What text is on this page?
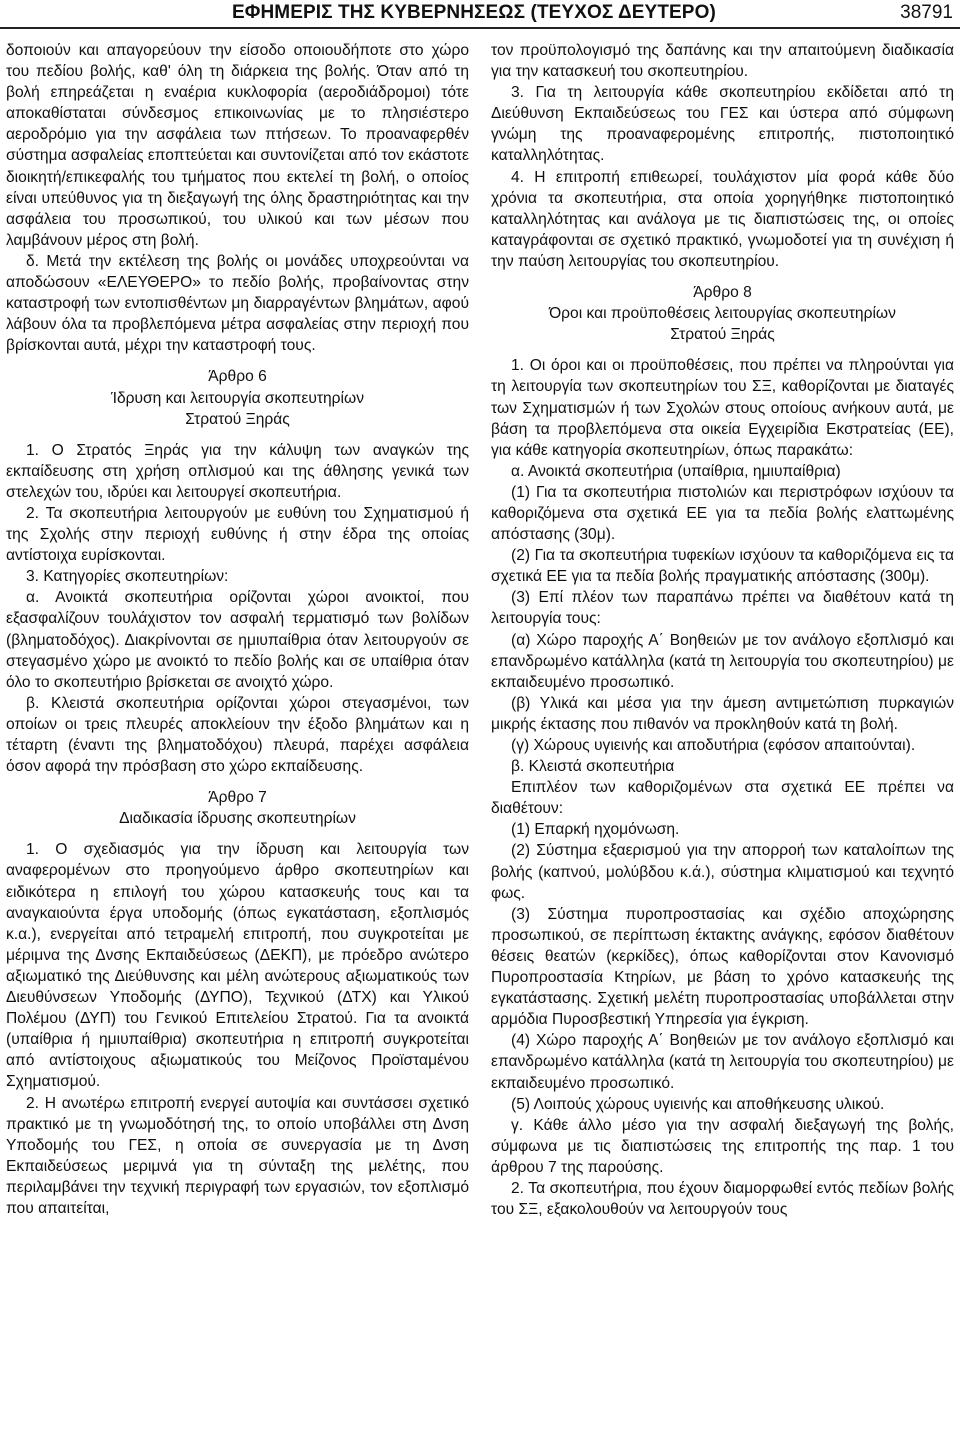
ΕΦΗΜΕΡΙΣ ΤΗΣ ΚΥΒΕΡΝΗΣΕΩΣ (ΤΕΥΧΟΣ ΔΕΥΤΕΡΟ)	38791

δοποιούν και απαγορεύουν την είσοδο οποιουδήποτε στο χώρο του πεδίου βολής, καθ' όλη τη διάρκεια της βολής. Όταν από τη βολή επηρεάζεται η εναέρια κυκλοφορία (αεροδιάδρομοι) τότε αποκαθίσταται σύνδεσμος επικοινωνίας με το πλησιέστερο αεροδρόμιο για την ασφάλεια των πτήσεων. Το προαναφερθέν σύστημα ασφαλείας εποπτεύεται και συντονίζεται από τον εκάστοτε διοικητή/επικεφαλής του τμήματος που εκτελεί τη βολή, ο οποίος είναι υπεύθυνος για τη διεξαγωγή της όλης δραστηριότητας και την ασφάλεια του προσωπικού, του υλικού και των μέσων που λαμβάνουν μέρος στη βολή.

δ. Μετά την εκτέλεση της βολής οι μονάδες υποχρεούνται να αποδώσουν «ΕΛΕΥΘΕΡΟ» το πεδίο βολής, προβαίνοντας στην καταστροφή των εντοπισθέντων μη διαρραγέντων βλημάτων, αφού λάβουν όλα τα προβλεπόμενα μέτρα ασφαλείας στην περιοχή που βρίσκονται αυτά, μέχρι την καταστροφή τους.

Άρθρο 6
Ίδρυση και λειτουργία σκοπευτηρίων
Στρατού Ξηράς

1. Ο Στρατός Ξηράς για την κάλυψη των αναγκών της εκπαίδευσης στη χρήση οπλισμού και της άθλησης γενικά των στελεχών του, ιδρύει και λειτουργεί σκοπευτήρια.

2. Τα σκοπευτήρια λειτουργούν με ευθύνη του Σχηματισμού ή της Σχολής στην περιοχή ευθύνης ή στην έδρα της οποίας αντίστοιχα ευρίσκονται.

3. Κατηγορίες σκοπευτηρίων:

α. Ανοικτά σκοπευτήρια ορίζονται χώροι ανοικτοί, που εξασφαλίζουν τουλάχιστον τον ασφαλή τερματισμό των βολίδων (βληματοδόχος). Διακρίνονται σε ημιυπαίθρια όταν λειτουργούν σε στεγασμένο χώρο με ανοικτό το πεδίο βολής και σε υπαίθρια όταν όλο το σκοπευτήριο βρίσκεται σε ανοιχτό χώρο.

β. Κλειστά σκοπευτήρια ορίζονται χώροι στεγασμένοι, των οποίων οι τρεις πλευρές αποκλείουν την έξοδο βλημάτων και η τέταρτη (έναντι της βληματοδόχου) πλευρά, παρέχει ασφάλεια όσον αφορά την πρόσβαση στο χώρο εκπαίδευσης.

Άρθρο 7
Διαδικασία ίδρυσης σκοπευτηρίων

1. Ο σχεδιασμός για την ίδρυση και λειτουργία των αναφερομένων στο προηγούμενο άρθρο σκοπευτηρίων και ειδικότερα η επιλογή του χώρου κατασκευής τους και τα αναγκαιούντα έργα υποδομής (όπως εγκατάσταση, εξοπλισμός κ.α.), ενεργείται από τετραμελή επιτροπή, που συγκροτείται με μέριμνα της Δνσης Εκπαιδεύσεως (ΔΕΚΠ), με πρόεδρο ανώτερο αξιωματικό της Διεύθυνσης και μέλη ανώτερους αξιωματικούς των Διευθύνσεων Υποδομής (ΔΥΠΟ), Τεχνικού (ΔΤΧ) και Υλικού Πολέμου (ΔΥΠ) του Γενικού Επιτελείου Στρατού. Για τα ανοικτά (υπαίθρια ή ημιυπαίθρια) σκοπευτήρια η επιτροπή συγκροτείται από αντίστοιχους αξιωματικούς του Μείζονος Προϊσταμένου Σχηματισμού.

2. Η ανωτέρω επιτροπή ενεργεί αυτοψία και συντάσσει σχετικό πρακτικό με τη γνωμοδότησή της, το οποίο υποβάλλει στη Δνση Υποδομής του ΓΕΣ, η οποία σε συνεργασία με τη Δνση Εκπαιδεύσεως μεριμνά για τη σύνταξη της μελέτης, που περιλαμβάνει την τεχνική περιγραφή των εργασιών, τον εξοπλισμό που απαιτείται,

τον προϋπολογισμό της δαπάνης και την απαιτούμενη διαδικασία για την κατασκευή του σκοπευτηρίου.

3. Για τη λειτουργία κάθε σκοπευτηρίου εκδίδεται από τη Διεύθυνση Εκπαιδεύσεως του ΓΕΣ και ύστερα από σύμφωνη γνώμη της προαναφερομένης επιτροπής, πιστοποιητικό καταλληλότητας.

4. Η επιτροπή επιθεωρεί, τουλάχιστον μία φορά κάθε δύο χρόνια τα σκοπευτήρια, στα οποία χορηγήθηκε πιστοποιητικό καταλληλότητας και ανάλογα με τις διαπιστώσεις της, οι οποίες καταγράφονται σε σχετικό πρακτικό, γνωμοδοτεί για τη συνέχιση ή την παύση λειτουργίας του σκοπευτηρίου.

Άρθρο 8
Όροι και προϋποθέσεις λειτουργίας σκοπευτηρίων
Στρατού Ξηράς

1. Οι όροι και οι προϋποθέσεις, που πρέπει να πληρούνται για τη λειτουργία των σκοπευτηρίων του ΣΞ, καθορίζονται με διαταγές των Σχηματισμών ή των Σχολών στους οποίους ανήκουν αυτά, με βάση τα προβλεπόμενα στα οικεία Εγχειρίδια Εκστρατείας (ΕΕ), για κάθε κατηγορία σκοπευτηρίων, όπως παρακάτω:

α. Ανοικτά σκοπευτήρια (υπαίθρια, ημιυπαίθρια)

(1) Για τα σκοπευτήρια πιστολιών και περιστρόφων ισχύουν τα καθοριζόμενα στα σχετικά ΕΕ για τα πεδία βολής ελαττωμένης απόστασης (30μ).

(2) Για τα σκοπευτήρια τυφεκίων ισχύουν τα καθοριζόμενα εις τα σχετικά ΕΕ για τα πεδία βολής πραγματικής απόστασης (300μ).

(3) Επί πλέον των παραπάνω πρέπει να διαθέτουν κατά τη λειτουργία τους:

(α) Χώρο παροχής Α΄ Βοηθειών με τον ανάλογο εξοπλισμό και επανδρωμένο κατάλληλα (κατά τη λειτουργία του σκοπευτηρίου) με εκπαιδευμένο προσωπικό.

(β) Υλικά και μέσα για την άμεση αντιμετώπιση πυρκαγιών μικρής έκτασης που πιθανόν να προκληθούν κατά τη βολή.

(γ) Χώρους υγιεινής και αποδυτήρια (εφόσον απαιτούνται).

β. Κλειστά σκοπευτήρια

Επιπλέον των καθοριζομένων στα σχετικά ΕΕ πρέπει να διαθέτουν:

(1) Επαρκή ηχομόνωση.

(2) Σύστημα εξαερισμού για την απορροή των καταλοίπων της βολής (καπνού, μολύβδου κ.ά.), σύστημα κλιματισμού και τεχνητό φως.

(3) Σύστημα πυροπροστασίας και σχέδιο αποχώρησης προσωπικού, σε περίπτωση έκτακτης ανάγκης, εφόσον διαθέτουν θέσεις θεατών (κερκίδες), όπως καθορίζονται στον Κανονισμό Πυροπροστασία Κτηρίων, με βάση το χρόνο κατασκευής της εγκατάστασης. Σχετική μελέτη πυροπροστασίας υποβάλλεται στην αρμόδια Πυροσβεστική Υπηρεσία για έγκριση.

(4) Χώρο παροχής Α΄ Βοηθειών με τον ανάλογο εξοπλισμό και επανδρωμένο κατάλληλα (κατά τη λειτουργία του σκοπευτηρίου) με εκπαιδευμένο προσωπικό.

(5) Λοιπούς χώρους υγιεινής και αποθήκευσης υλικού.

γ. Κάθε άλλο μέσο για την ασφαλή διεξαγωγή της βολής, σύμφωνα με τις διαπιστώσεις της επιτροπής της παρ. 1 του άρθρου 7 της παρούσης.

2. Τα σκοπευτήρια, που έχουν διαμορφωθεί εντός πεδίων βολής του ΣΞ, εξακολουθούν να λειτουργούν τους
